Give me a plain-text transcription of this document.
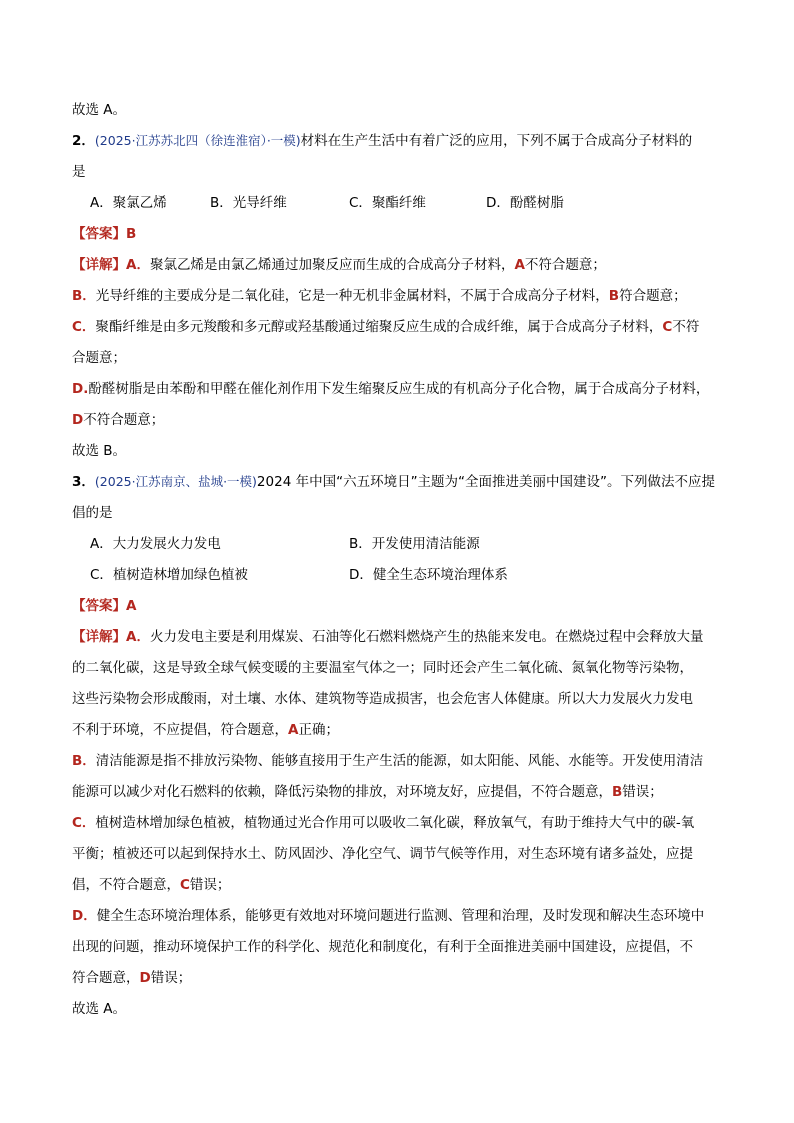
故选 A。
2．(2025·江苏苏北四（徐连淮宿）·一模)材料在生产生活中有着广泛的应用，下列不属于合成高分子材料的
是
A．聚氯乙烯	B．光导纤维	C．聚酯纤维	D．酚醛树脂
【答案】B
【详解】A．聚氯乙烯是由氯乙烯通过加聚反应而生成的合成高分子材料，A不符合题意；
B．光导纤维的主要成分是二氧化硅，它是一种无机非金属材料，不属于合成高分子材料，B符合题意；
C．聚酯纤维是由多元羧酸和多元醇或羟基酸通过缩聚反应生成的合成纤维，属于合成高分子材料，C不符
合题意；
D.酚醛树脂是由苯酚和甲醛在催化剂作用下发生缩聚反应生成的有机高分子化合物，属于合成高分子材料，
D不符合题意；
故选 B。
3．(2025·江苏南京、盐城·一模)2024 年中国“六五环境日”主题为“全面推进美丽中国建设”。下列做法不应提
倡的是
A．大力发展火力发电	B．开发使用清洁能源
C．植树造林增加绿色植被	D．健全生态环境治理体系
【答案】A
【详解】A．火力发电主要是利用煤炭、石油等化石燃料燃烧产生的热能来发电。在燃烧过程中会释放大量
的二氧化碳，这是导致全球气候变暖的主要温室气体之一；同时还会产生二氧化硫、氮氧化物等污染物，
这些污染物会形成酸雨，对土壤、水体、建筑物等造成损害，也会危害人体健康。所以大力发展火力发电
不利于环境，不应提倡，符合题意，A正确；
B．清洁能源是指不排放污染物、能够直接用于生产生活的能源，如太阳能、风能、水能等。开发使用清洁
能源可以减少对化石燃料的依赖，降低污染物的排放，对环境友好，应提倡，不符合题意，B错误；
C．植树造林增加绿色植被，植物通过光合作用可以吸收二氧化碳，释放氧气，有助于维持大气中的碳-氧
平衡；植被还可以起到保持水土、防风固沙、净化空气、调节气候等作用，对生态环境有诸多益处，应提
倡，不符合题意，C错误；
D．健全生态环境治理体系，能够更有效地对环境问题进行监测、管理和治理，及时发现和解决生态环境中
出现的问题，推动环境保护工作的科学化、规范化和制度化，有利于全面推进美丽中国建设，应提倡，不
符合题意，D错误；
故选 A。
